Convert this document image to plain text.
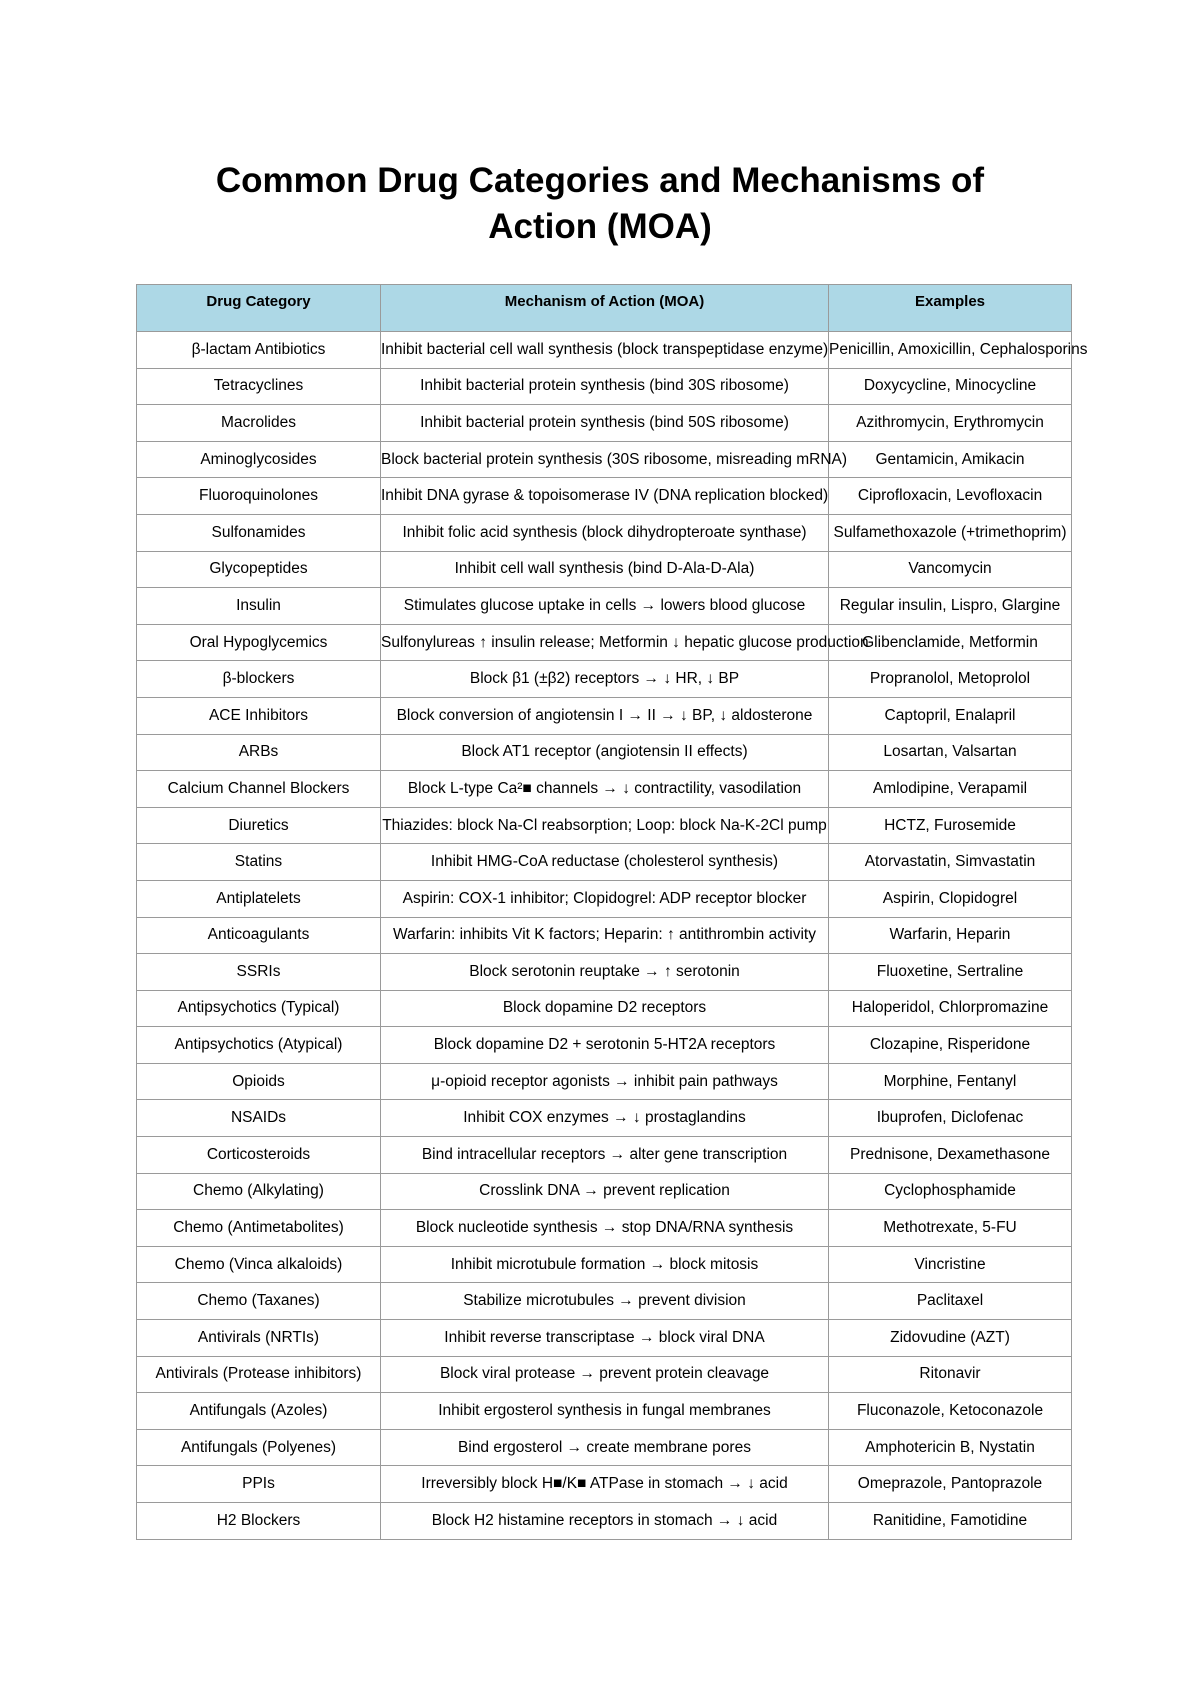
Common Drug Categories and Mechanisms of
Action (MOA)
Drug Category	Mechanism of Action (MOA)	Examples
β-lactam Antibiotics	Inhibit bacterial cell wall synthesis (block transpeptidase enzyme)	Penicillin, Amoxicillin, Cephalosporins
Tetracyclines	Inhibit bacterial protein synthesis (bind 30S ribosome)	Doxycycline, Minocycline
Macrolides	Inhibit bacterial protein synthesis (bind 50S ribosome)	Azithromycin, Erythromycin
Aminoglycosides	Block bacterial protein synthesis (30S ribosome, misreading mRNA)	Gentamicin, Amikacin
Fluoroquinolones	Inhibit DNA gyrase & topoisomerase IV (DNA replication blocked)	Ciprofloxacin, Levofloxacin
Sulfonamides	Inhibit folic acid synthesis (block dihydropteroate synthase)	Sulfamethoxazole (+trimethoprim)
Glycopeptides	Inhibit cell wall synthesis (bind D-Ala-D-Ala)	Vancomycin
Insulin	Stimulates glucose uptake in cells → lowers blood glucose	Regular insulin, Lispro, Glargine
Oral Hypoglycemics	Sulfonylureas ↑ insulin release; Metformin ↓ hepatic glucose production	Glibenclamide, Metformin
β-blockers	Block β1 (±β2) receptors → ↓ HR, ↓ BP	Propranolol, Metoprolol
ACE Inhibitors	Block conversion of angiotensin I → II → ↓ BP, ↓ aldosterone	Captopril, Enalapril
ARBs	Block AT1 receptor (angiotensin II effects)	Losartan, Valsartan
Calcium Channel Blockers	Block L-type Ca²■ channels → ↓ contractility, vasodilation	Amlodipine, Verapamil
Diuretics	Thiazides: block Na-Cl reabsorption; Loop: block Na-K-2Cl pump	HCTZ, Furosemide
Statins	Inhibit HMG-CoA reductase (cholesterol synthesis)	Atorvastatin, Simvastatin
Antiplatelets	Aspirin: COX-1 inhibitor; Clopidogrel: ADP receptor blocker	Aspirin, Clopidogrel
Anticoagulants	Warfarin: inhibits Vit K factors; Heparin: ↑ antithrombin activity	Warfarin, Heparin
SSRIs	Block serotonin reuptake → ↑ serotonin	Fluoxetine, Sertraline
Antipsychotics (Typical)	Block dopamine D2 receptors	Haloperidol, Chlorpromazine
Antipsychotics (Atypical)	Block dopamine D2 + serotonin 5-HT2A receptors	Clozapine, Risperidone
Opioids	μ-opioid receptor agonists → inhibit pain pathways	Morphine, Fentanyl
NSAIDs	Inhibit COX enzymes → ↓ prostaglandins	Ibuprofen, Diclofenac
Corticosteroids	Bind intracellular receptors → alter gene transcription	Prednisone, Dexamethasone
Chemo (Alkylating)	Crosslink DNA → prevent replication	Cyclophosphamide
Chemo (Antimetabolites)	Block nucleotide synthesis → stop DNA/RNA synthesis	Methotrexate, 5-FU
Chemo (Vinca alkaloids)	Inhibit microtubule formation → block mitosis	Vincristine
Chemo (Taxanes)	Stabilize microtubules → prevent division	Paclitaxel
Antivirals (NRTIs)	Inhibit reverse transcriptase → block viral DNA	Zidovudine (AZT)
Antivirals (Protease inhibitors)	Block viral protease → prevent protein cleavage	Ritonavir
Antifungals (Azoles)	Inhibit ergosterol synthesis in fungal membranes	Fluconazole, Ketoconazole
Antifungals (Polyenes)	Bind ergosterol → create membrane pores	Amphotericin B, Nystatin
PPIs	Irreversibly block H■/K■ ATPase in stomach → ↓ acid	Omeprazole, Pantoprazole
H2 Blockers	Block H2 histamine receptors in stomach → ↓ acid	Ranitidine, Famotidine
